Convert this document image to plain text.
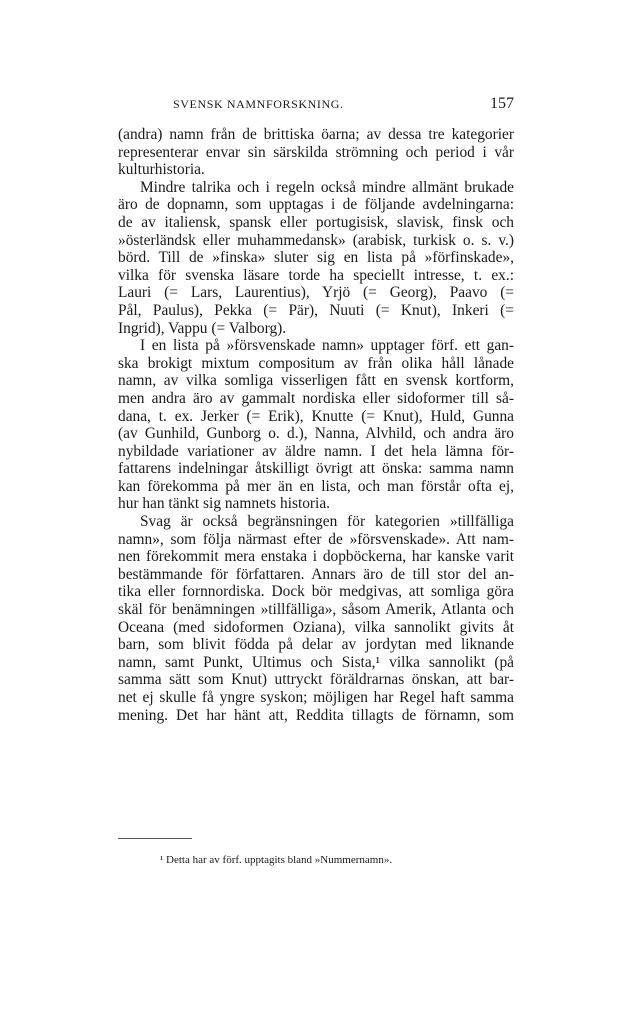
SVENSK NAMNFORSKNING.	157
(andra) namn från de brittiska öarna; av dessa tre kategorier
representerar envar sin särskilda strömning och period i vår
kulturhistoria.
Mindre talrika och i regeln också mindre allmänt brukade
äro de dopnamn, som upptagas i de följande avdelningarna:
de av italiensk, spansk eller portugisisk, slavisk, finsk och
»österländsk eller muhammedansk» (arabisk, turkisk o. s. v.)
börd. Till de »finska» sluter sig en lista på »förfinskade»,
vilka för svenska läsare torde ha speciellt intresse, t. ex.:
Lauri (= Lars, Laurentius), Yrjö (= Georg), Paavo (=
Pål, Paulus), Pekka (= Pär), Nuuti (= Knut), Inkeri (=
Ingrid), Vappu (= Valborg).
I en lista på »försvenskade namn» upptager förf. ett gan-
ska brokigt mixtum compositum av från olika håll lånade
namn, av vilka somliga visserligen fått en svensk kortform,
men andra äro av gammalt nordiska eller sidoformer till så-
dana, t. ex. Jerker (= Erik), Knutte (= Knut), Huld, Gunna
(av Gunhild, Gunborg o. d.), Nanna, Alvhild, och andra äro
nybildade variationer av äldre namn. I det hela lämna för-
fattarens indelningar åtskilligt övrigt att önska: samma namn
kan förekomma på mer än en lista, och man förstår ofta ej,
hur han tänkt sig namnets historia.
Svag är också begränsningen för kategorien »tillfälliga
namn», som följa närmast efter de »försvenskade». Att nam-
nen förekommit mera enstaka i dopböckerna, har kanske varit
bestämmande för författaren. Annars äro de till stor del an-
tika eller fornnordiska. Dock bör medgivas, att somliga göra
skäl för benämningen »tillfälliga», såsom Amerik, Atlanta och
Oceana (med sidoformen Oziana), vilka sannolikt givits åt
barn, som blivit födda på delar av jordytan med liknande
namn, samt Punkt, Ultimus och Sista,¹ vilka sannolikt (på
samma sätt som Knut) uttryckt föräldrarnas önskan, att bar-
net ej skulle få yngre syskon; möjligen har Regel haft samma
mening. Det har hänt att, Reddita tillagts de förnamn, som
¹ Detta har av förf. upptagits bland »Nummernamn».
